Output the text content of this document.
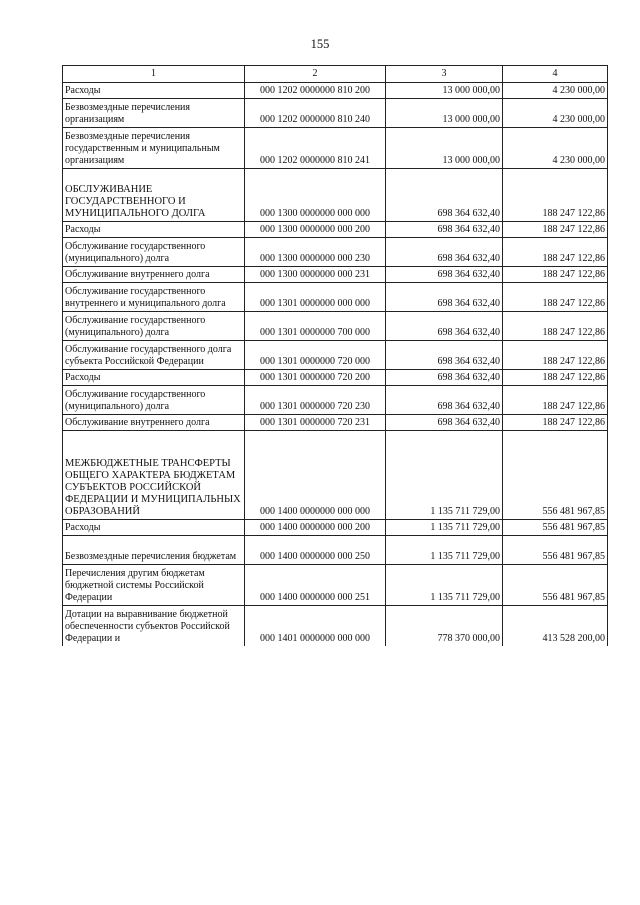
155
1	2	3	4
Расходы	000 1202 0000000 810 200	13 000 000,00	4 230 000,00
Безвозмездные перечисления организациям	000 1202 0000000 810 240	13 000 000,00	4 230 000,00
Безвозмездные перечисления государственным и муниципальным организациям	000 1202 0000000 810 241	13 000 000,00	4 230 000,00
ОБСЛУЖИВАНИЕ ГОСУДАРСТВЕННОГО И МУНИЦИПАЛЬНОГО ДОЛГА	000 1300 0000000 000 000	698 364 632,40	188 247 122,86
Расходы	000 1300 0000000 000 200	698 364 632,40	188 247 122,86
Обслуживание государственного (муниципального) долга	000 1300 0000000 000 230	698 364 632,40	188 247 122,86
Обслуживание внутреннего долга	000 1300 0000000 000 231	698 364 632,40	188 247 122,86
Обслуживание государственного внутреннего и муниципального долга	000 1301 0000000 000 000	698 364 632,40	188 247 122,86
Обслуживание государственного (муниципального) долга	000 1301 0000000 700 000	698 364 632,40	188 247 122,86
Обслуживание государственного долга субъекта Российской Федерации	000 1301 0000000 720 000	698 364 632,40	188 247 122,86
Расходы	000 1301 0000000 720 200	698 364 632,40	188 247 122,86
Обслуживание государственного (муниципального) долга	000 1301 0000000 720 230	698 364 632,40	188 247 122,86
Обслуживание внутреннего долга	000 1301 0000000 720 231	698 364 632,40	188 247 122,86
МЕЖБЮДЖЕТНЫЕ ТРАНСФЕРТЫ ОБЩЕГО ХАРАКТЕРА БЮДЖЕТАМ СУБЪЕКТОВ РОССИЙСКОЙ ФЕДЕРАЦИИ И МУНИЦИПАЛЬНЫХ ОБРАЗОВАНИЙ	000 1400 0000000 000 000	1 135 711 729,00	556 481 967,85
Расходы	000 1400 0000000 000 200	1 135 711 729,00	556 481 967,85
Безвозмездные перечисления бюджетам	000 1400 0000000 000 250	1 135 711 729,00	556 481 967,85
Перечисления другим бюджетам бюджетной системы Российской Федерации	000 1400 0000000 000 251	1 135 711 729,00	556 481 967,85
Дотации на выравнивание бюджетной обеспеченности субъектов Российской Федерации и	000 1401 0000000 000 000	778 370 000,00	413 528 200,00
